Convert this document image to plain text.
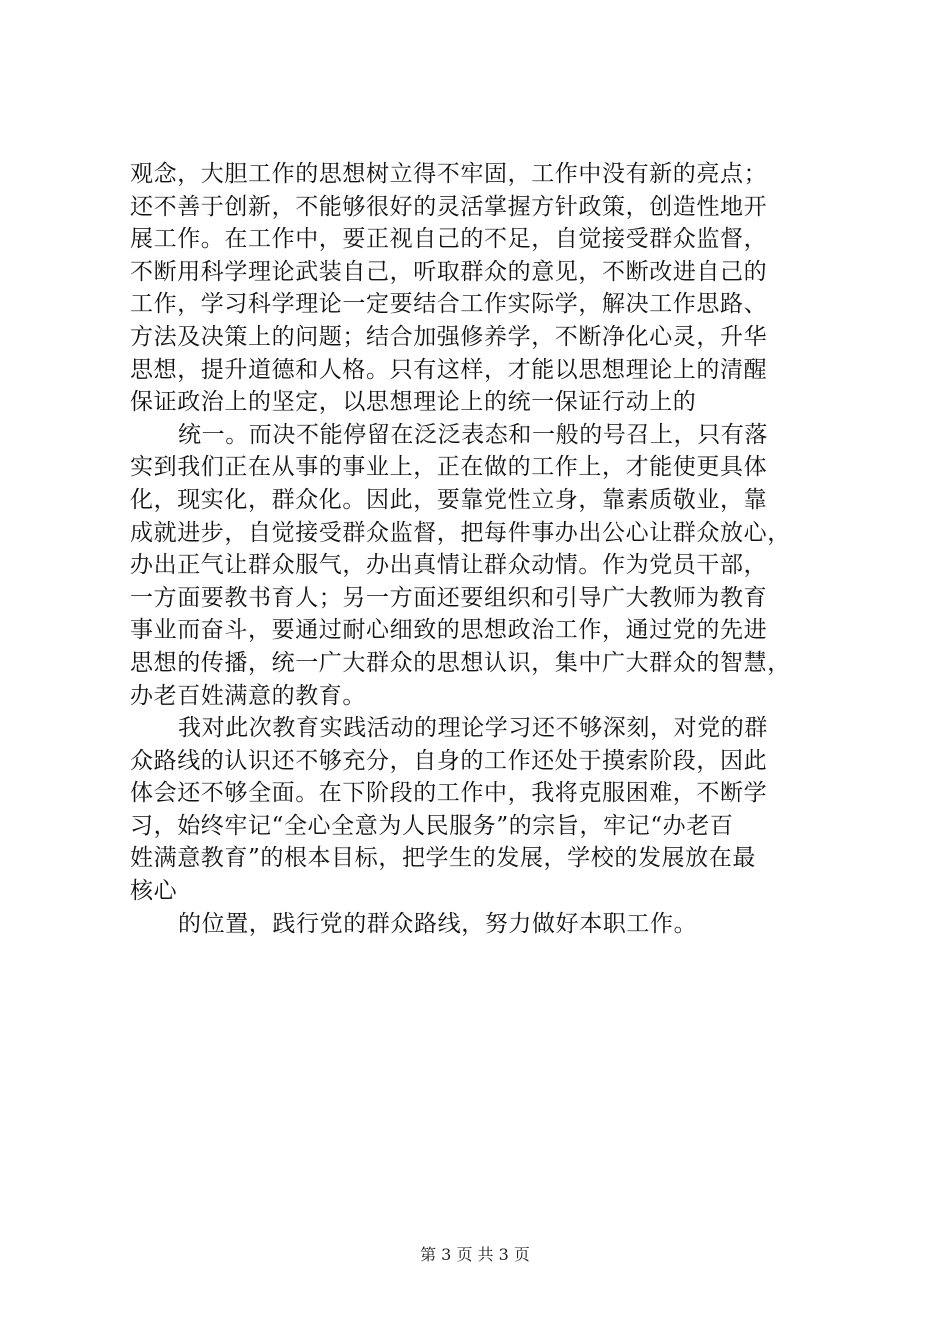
观念，大胆工作的思想树立得不牢固，工作中没有新的亮点；
还不善于创新，不能够很好的灵活掌握方针政策，创造性地开
展工作。在工作中，要正视自己的不足，自觉接受群众监督，
不断用科学理论武装自己，听取群众的意见，不断改进自己的
工作，学习科学理论一定要结合工作实际学，解决工作思路、
方法及决策上的问题；结合加强修养学，不断净化心灵，升华
思想，提升道德和人格。只有这样，才能以思想理论上的清醒
保证政治上的坚定，以思想理论上的统一保证行动上的
统一。而决不能停留在泛泛表态和一般的号召上，只有落
实到我们正在从事的事业上，正在做的工作上，才能使更具体
化，现实化，群众化。因此，要靠党性立身，靠素质敬业，靠
成就进步，自觉接受群众监督，把每件事办出公心让群众放心，
办出正气让群众服气，办出真情让群众动情。作为党员干部，
一方面要教书育人；另一方面还要组织和引导广大教师为教育
事业而奋斗，要通过耐心细致的思想政治工作，通过党的先进
思想的传播，统一广大群众的思想认识，集中广大群众的智慧，
办老百姓满意的教育。
我对此次教育实践活动的理论学习还不够深刻，对党的群
众路线的认识还不够充分，自身的工作还处于摸索阶段，因此
体会还不够全面。在下阶段的工作中，我将克服困难，不断学
习，始终牢记“全心全意为人民服务”的宗旨，牢记“办老百
姓满意教育”的根本目标，把学生的发展，学校的发展放在最
核心
的位置，践行党的群众路线，努力做好本职工作。
第 3 页 共 3 页
